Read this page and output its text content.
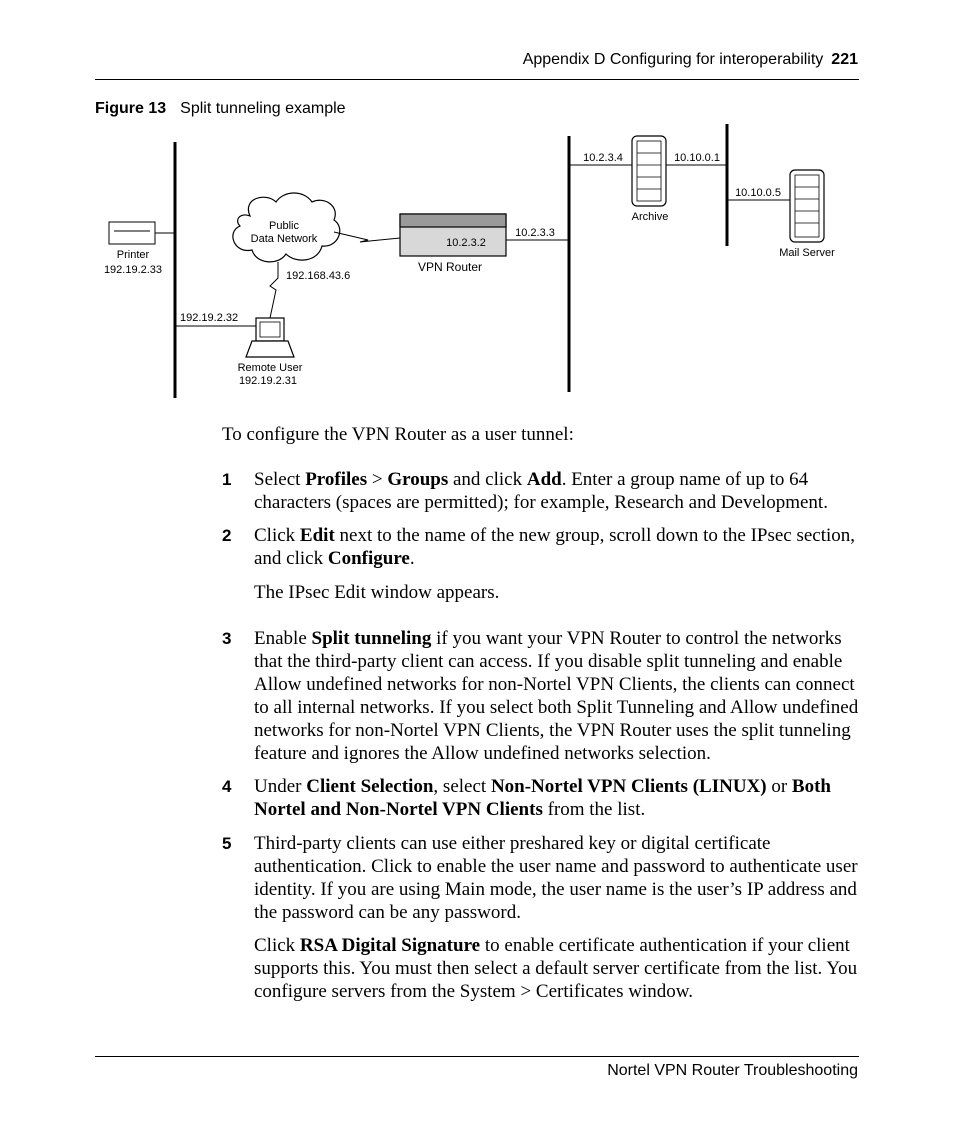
Appendix D Configuring for interoperability 221
Figure 13 Split tunneling example
Printer
192.19.2.33
Public
Data Network	10.2.3.2
VPN Router
10.2.3.3
192.168.43.6
192.19.2.32
Remote User
192.19.2.31
10.2.3.4	10.10.0.1
Archive
10.10.0.5
Mail Server
To configure the VPN Router as a user tunnel:
1 Select Profiles > Groups and click Add. Enter a group name of up to 64 characters (spaces are permitted); for example, Research and Development.
2 Click Edit next to the name of the new group, scroll down to the IPsec section, and click Configure.
The IPsec Edit window appears.
3 Enable Split tunneling if you want your VPN Router to control the networks that the third-party client can access. If you disable split tunneling and enable Allow undefined networks for non-Nortel VPN Clients, the clients can connect to all internal networks. If you select both Split Tunneling and Allow undefined networks for non-Nortel VPN Clients, the VPN Router uses the split tunneling feature and ignores the Allow undefined networks selection.
4 Under Client Selection, select Non-Nortel VPN Clients (LINUX) or Both Nortel and Non-Nortel VPN Clients from the list.
5 Third-party clients can use either preshared key or digital certificate authentication. Click to enable the user name and password to authenticate user identity. If you are using Main mode, the user name is the user’s IP address and the password can be any password.
Click RSA Digital Signature to enable certificate authentication if your client supports this. You must then select a default server certificate from the list. You configure servers from the System > Certificates window.
Nortel VPN Router Troubleshooting
